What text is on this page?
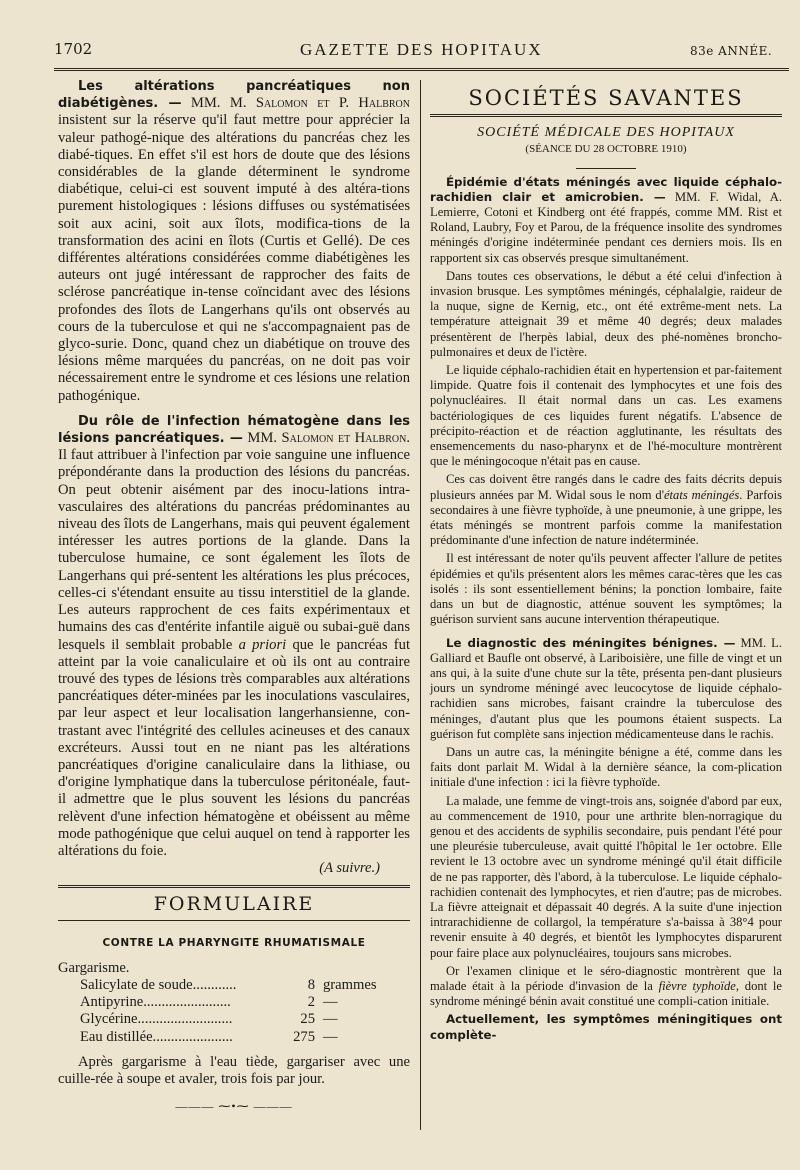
1702	GAZETTE DES HOPITAUX	83e ANNÉE.

Les altérations pancréatiques non diabétigènes. — MM. M. Salomon et P. Halbron insistent sur la réserve qu'il faut mettre pour apprécier la valeur pathogé-nique des altérations du pancréas chez les diabé-tiques. En effet s'il est hors de doute que des lésions considérables de la glande déterminent le syndrome diabétique, celui-ci est souvent imputé à des altéra-tions purement histologiques : lésions diffuses ou systématisées soit aux acini, soit aux îlots, modifica-tions de la transformation des acini en îlots (Curtis et Gellé). De ces différentes altérations considérées comme diabétigènes les auteurs ont jugé intéressant de rapprocher des faits de sclérose pancréatique in-tense coïncidant avec des lésions profondes des îlots de Langerhans qu'ils ont observés au cours de la tuberculose et qui ne s'accompagnaient pas de glyco-surie. Donc, quand chez un diabétique on trouve des lésions même marquées du pancréas, on ne doit pas voir nécessairement entre le syndrome et ces lésions une relation pathogénique.

Du rôle de l'infection hématogène dans les lésions pancréatiques. — MM. Salomon et Halbron. Il faut attribuer à l'infection par voie sanguine une influence prépondérante dans la production des lésions du pancréas. On peut obtenir aisément par des inocu-lations intra-vasculaires des altérations du pancréas prédominantes au niveau des îlots de Langerhans, mais qui peuvent également intéresser les autres portions de la glande. Dans la tuberculose humaine, ce sont également les îlots de Langerhans qui pré-sentent les altérations les plus précoces, celles-ci s'étendant ensuite au tissu interstitiel de la glande. Les auteurs rapprochent de ces faits expérimentaux et humains des cas d'entérite infantile aiguë ou subai-guë dans lesquels il semblait probable a priori que le pancréas fut atteint par la voie canaliculaire et où ils ont au contraire trouvé des types de lésions très comparables aux altérations pancréatiques déter-minées par les inoculations vasculaires, par leur aspect et leur localisation langerhansienne, con-trastant avec l'intégrité des cellules acineuses et des canaux excréteurs. Aussi tout en ne niant pas les altérations pancréatiques d'origine canaliculaire dans la lithiase, ou d'origine lymphatique dans la tuberculose péritonéale, faut-il admettre que le plus souvent les lésions du pancréas relèvent d'une infection hématogène et obéissent au même mode pathogénique que celui auquel on tend à rapporter les altérations du foie.
(A suivre.)

FORMULAIRE
CONTRE LA PHARYNGITE RHUMATISMALE

Gargarisme.

Salicylate de soude............	8 grammes
Antipyrine........................	2 —
Glycérine..........................	25 —
Eau distillée......................	275 —

Après gargarisme à l'eau tiède, gargariser avec une cuille-rée à soupe et avaler, trois fois par jour.

——— ⁓•⁓ ———
SOCIÉTÉS SAVANTES
SOCIÉTÉ MÉDICALE DES HOPITAUX
(SÉANCE DU 28 OCTOBRE 1910)

Épidémie d'états méningés avec liquide céphalo-rachidien clair et amicrobien. — MM. F. Widal, A. Lemierre, Cotoni et Kindberg ont été frappés, comme MM. Rist et Roland, Laubry, Foy et Parou, de la fréquence insolite des syndromes méningés d'origine indéterminée pendant ces derniers mois. Ils en rapportent six cas observés presque simultanément.

Dans toutes ces observations, le début a été celui d'infection à invasion brusque. Les symptômes méningés, céphalalgie, raideur de la nuque, signe de Kernig, etc., ont été extrême-ment nets. La température atteignait 39 et même 40 degrés; deux malades présentèrent de l'herpès labial, deux des phé-nomènes broncho-pulmonaires et deux de l'ictère.

Le liquide céphalo-rachidien était en hypertension et par-faitement limpide. Quatre fois il contenait des lymphocytes et une fois des polynucléaires. Il était normal dans un cas. Les examens bactériologiques de ces liquides furent négatifs. L'absence de précipito-réaction et de réaction agglutinante, les résultats des ensemencements du naso-pharynx et de l'hé-moculture montrèrent que le méningocoque n'était pas en cause.

Ces cas doivent être rangés dans le cadre des faits décrits depuis plusieurs années par M. Widal sous le nom d'états méningés. Parfois secondaires à une fièvre typhoïde, à une pneumonie, à une grippe, les états méningés se montrent parfois comme la manifestation prédominante d'une infection de nature indéterminée.

Il est intéressant de noter qu'ils peuvent affecter l'allure de petites épidémies et qu'ils présentent alors les mêmes carac-tères que les cas isolés : ils sont essentiellement bénins; la ponction lombaire, faite dans un but de diagnostic, atténue souvent les symptômes; la guérison survient sans aucune intervention thérapeutique.

Le diagnostic des méningites bénignes. — MM. L. Galliard et Baufle ont observé, à Lariboisière, une fille de vingt et un ans qui, à la suite d'une chute sur la tête, présenta pen-dant plusieurs jours un syndrome méningé avec leucocytose de liquide céphalo-rachidien sans microbes, faisant craindre la tuberculose des méninges, d'autant plus que les poumons étaient suspects. La guérison fut complète sans injection médicamenteuse dans le rachis.

Dans un autre cas, la méningite bénigne a été, comme dans les faits dont parlait M. Widal à la dernière séance, la com-plication initiale d'une infection : ici la fièvre typhoïde.

La malade, une femme de vingt-trois ans, soignée d'abord par eux, au commencement de 1910, pour une arthrite blen-norragique du genou et des accidents de syphilis secondaire, puis pendant l'été pour une pleurésie tuberculeuse, avait quitté l'hôpital le 1er octobre. Elle revient le 13 octobre avec un syndrome méningé qu'il était difficile de ne pas rapporter, dès l'abord, à la tuberculose. Le liquide céphalo-rachidien contenait des lymphocytes, et rien d'autre; pas de microbes. La fièvre atteignait et dépassait 40 degrés. A la suite d'une injection intrarachidienne de collargol, la température s'a-baissa à 38°4 pour revenir ensuite à 40 degrés, et bientôt les lymphocytes disparurent pour faire place aux polynucléaires, toujours sans microbes.

Or l'examen clinique et le séro-diagnostic montrèrent que la malade était à la période d'invasion de la fièvre typhoïde, dont le syndrome méningé bénin avait constitué une compli-cation initiale.

Actuellement, les symptômes méningitiques ont complète-
